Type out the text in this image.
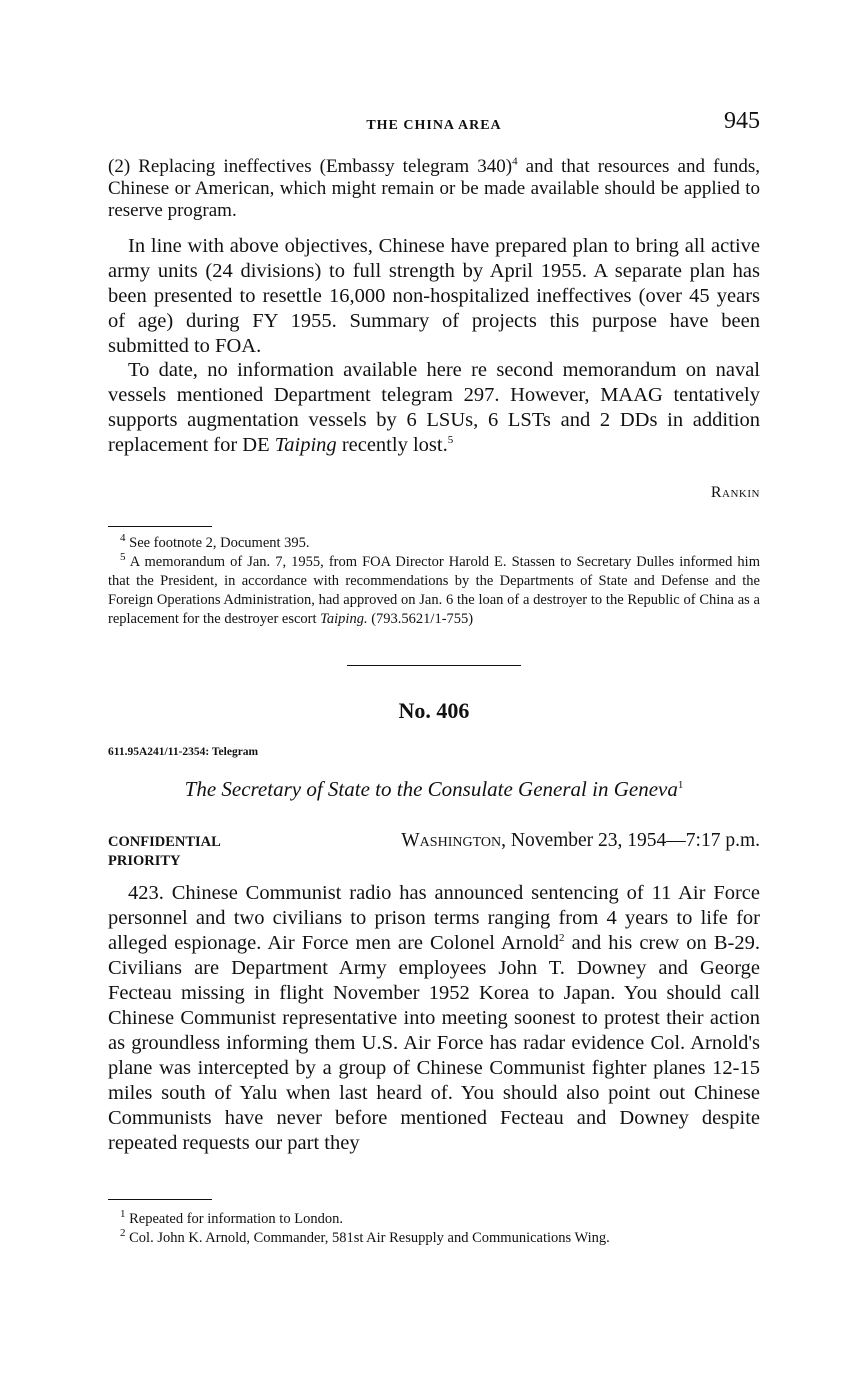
THE CHINA AREA	945

(2) Replacing ineffectives (Embassy telegram 340)$^4$ and that resources and funds, Chinese or American, which might remain or be made available should be applied to reserve program.

In line with above objectives, Chinese have prepared plan to bring all active army units (24 divisions) to full strength by April 1955. A separate plan has been presented to resettle 16,000 non-hospitalized ineffectives (over 45 years of age) during FY 1955. Summary of projects this purpose have been submitted to FOA.

To date, no information available here re second memorandum on naval vessels mentioned Department telegram 297. However, MAAG tentatively supports augmentation vessels by 6 LSUs, 6 LSTs and 2 DDs in addition replacement for DE Taiping recently lost.$^5$

Rankin

$^4$ See footnote 2, Document 395.

$^5$ A memorandum of Jan. 7, 1955, from FOA Director Harold E. Stassen to Secretary Dulles informed him that the President, in accordance with recommendations by the Departments of State and Defense and the Foreign Operations Administration, had approved on Jan. 6 the loan of a destroyer to the Republic of China as a replacement for the destroyer escort Taiping. (793.5621/1-755)

No. 406
611.95A241/11-2354: Telegram
The Secretary of State to the Consulate General in Geneva$^1$
CONFIDENTIAL	Washington, November 23, 1954—7:17 p.m.
PRIORITY

423. Chinese Communist radio has announced sentencing of 11 Air Force personnel and two civilians to prison terms ranging from 4 years to life for alleged espionage. Air Force men are Colonel Arnold$^2$ and his crew on B-29. Civilians are Department Army employees John T. Downey and George Fecteau missing in flight November 1952 Korea to Japan. You should call Chinese Communist representative into meeting soonest to protest their action as groundless informing them U.S. Air Force has radar evidence Col. Arnold's plane was intercepted by a group of Chinese Communist fighter planes 12-15 miles south of Yalu when last heard of. You should also point out Chinese Communists have never before mentioned Fecteau and Downey despite repeated requests our part they

$^1$ Repeated for information to London.

$^2$ Col. John K. Arnold, Commander, 581st Air Resupply and Communications Wing.
